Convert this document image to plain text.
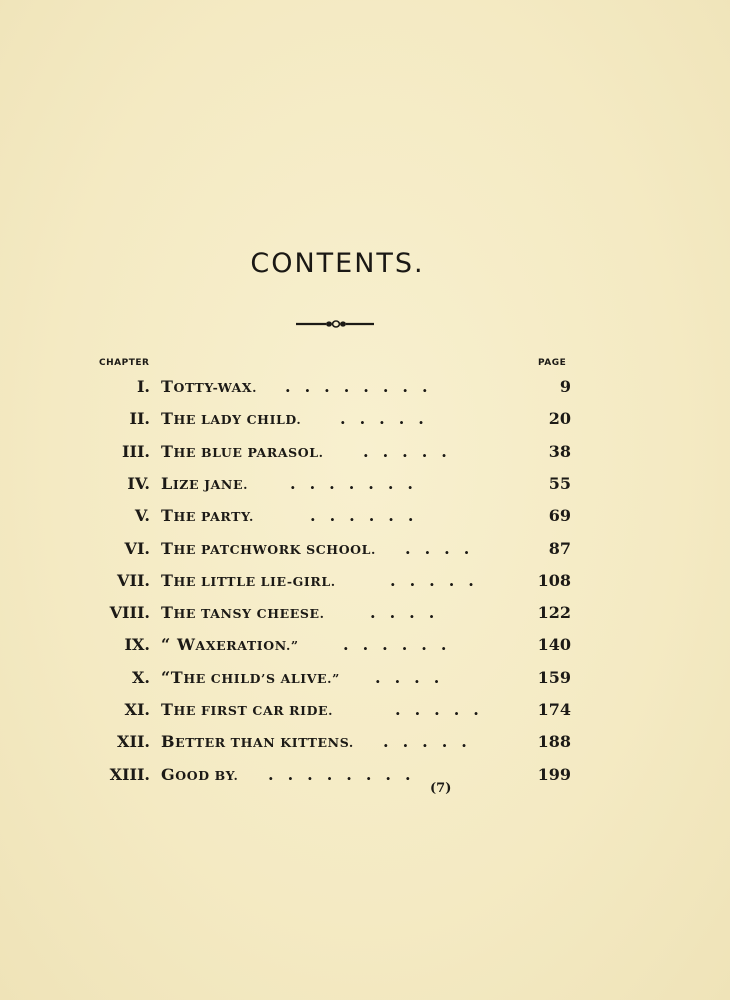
CONTENTS.
CHAPTER	PAGE
I. TOTTY-WAX. ........	9
II. THE LADY CHILD. .....	20
III. THE BLUE PARASOL. .....	38
IV. LIZE JANE.	.......	55
V. THE PARTY.	......	69
VI. THE PATCHWORK SCHOOL. ....	87
VII. THE LITTLE LIE-GIRL.	.....	108
VIII. THE TANSY CHEESE.	....	122
IX. “ WAXERATION.”	......	140
X. “THE CHILD’S ALIVE.” ....	159
XI. THE FIRST CAR RIDE.	.....	174
XII. BETTER THAN KITTENS. .....	188
XIII. GOOD BY. ........	199
(7)
